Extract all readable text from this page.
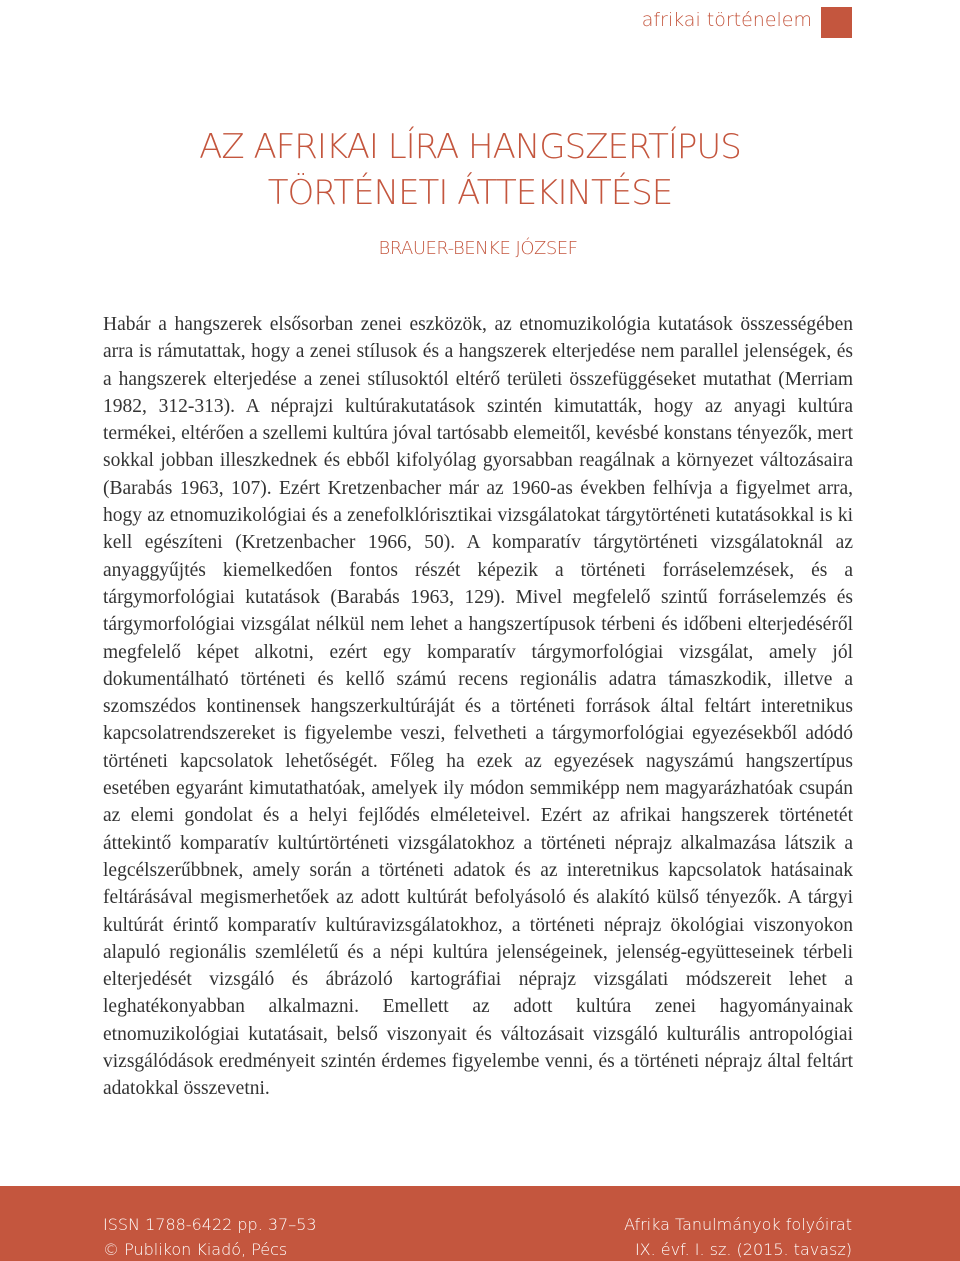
afrikai történelem
AZ AFRIKAI LÍRA HANGSZERTÍPUS
TÖRTÉNETI ÁTTEKINTÉSE
BRAUER-BENKE JÓZSEF

Habár a hangszerek elsősorban zenei eszközök, az etnomuzikológia kutatások összességében arra is rámutattak, hogy a zenei stílusok és a hangszerek elterjedése nem parallel jelenségek, és a hangszerek elterjedése a zenei stílusoktól eltérő területi összefüggéseket mutathat (Merriam 1982, 312-313). A néprajzi kultúrakutatások szintén kimutatták, hogy az anyagi kultúra termékei, eltérően a szellemi kultúra jóval tartósabb elemeitől, kevésbé konstans tényezők, mert sokkal jobban illeszkednek és ebből kifolyólag gyorsabban reagálnak a környezet változásaira (Barabás 1963, 107). Ezért Kretzenbacher már az 1960-as években felhívja a figyelmet arra, hogy az etnomuzikológiai és a zenefolklórisztikai vizsgálatokat tárgytörténeti kutatásokkal is ki kell egészíteni (Kretzenbacher 1966, 50). A komparatív tárgytörténeti vizsgálatoknál az anyaggyűjtés kiemelkedően fontos részét képezik a történeti forráselemzések, és a tárgymorfológiai kutatások (Barabás 1963, 129). Mivel megfelelő szintű forráselemzés és tárgymorfológiai vizsgálat nélkül nem lehet a hangszertípusok térbeni és időbeni elterjedéséről megfelelő képet alkotni, ezért egy komparatív tárgymorfológiai vizsgálat, amely jól dokumentálható történeti és kellő számú recens regionális adatra támaszkodik, illetve a szomszédos kontinensek hangszerkultúráját és a történeti források által feltárt interetnikus kapcsolatrendszereket is figyelembe veszi, felvetheti a tárgymorfológiai egyezésekből adódó történeti kapcsolatok lehetőségét. Főleg ha ezek az egyezések nagyszámú hangszertípus esetében egyaránt kimutathatóak, amelyek ily módon semmiképp nem magyarázhatóak csupán az elemi gondolat és a helyi fejlődés elméleteivel. Ezért az afrikai hangszerek történetét áttekintő komparatív kultúrtörténeti vizsgálatokhoz a történeti néprajz alkalmazása látszik a legcélszerűbbnek, amely során a történeti adatok és az interetnikus kapcsolatok hatásainak feltárásával megismerhetőek az adott kultúrát befolyásoló és alakító külső tényezők. A tárgyi kultúrát érintő komparatív kultúravizsgálatokhoz, a történeti néprajz ökológiai viszonyokon alapuló regionális szemléletű és a népi kultúra jelenségeinek, jelenség-együtteseinek térbeli elterjedését vizsgáló és ábrázoló kartográfiai néprajz vizsgálati módszereit lehet a leghatékonyabban alkalmazni. Emellett az adott kultúra zenei hagyományainak etnomuzikológiai kutatásait, belső viszonyait és változásait vizsgáló kulturális antropológiai vizsgálódások eredményeit szintén érdemes figyelembe venni, és a történeti néprajz által feltárt adatokkal összevetni.

ISSN 1788-6422 pp. 37–53
© Publikon Kiadó, Pécs
Afrika Tanulmányok folyóirat
IX. évf. I. sz. (2015. tavasz)
